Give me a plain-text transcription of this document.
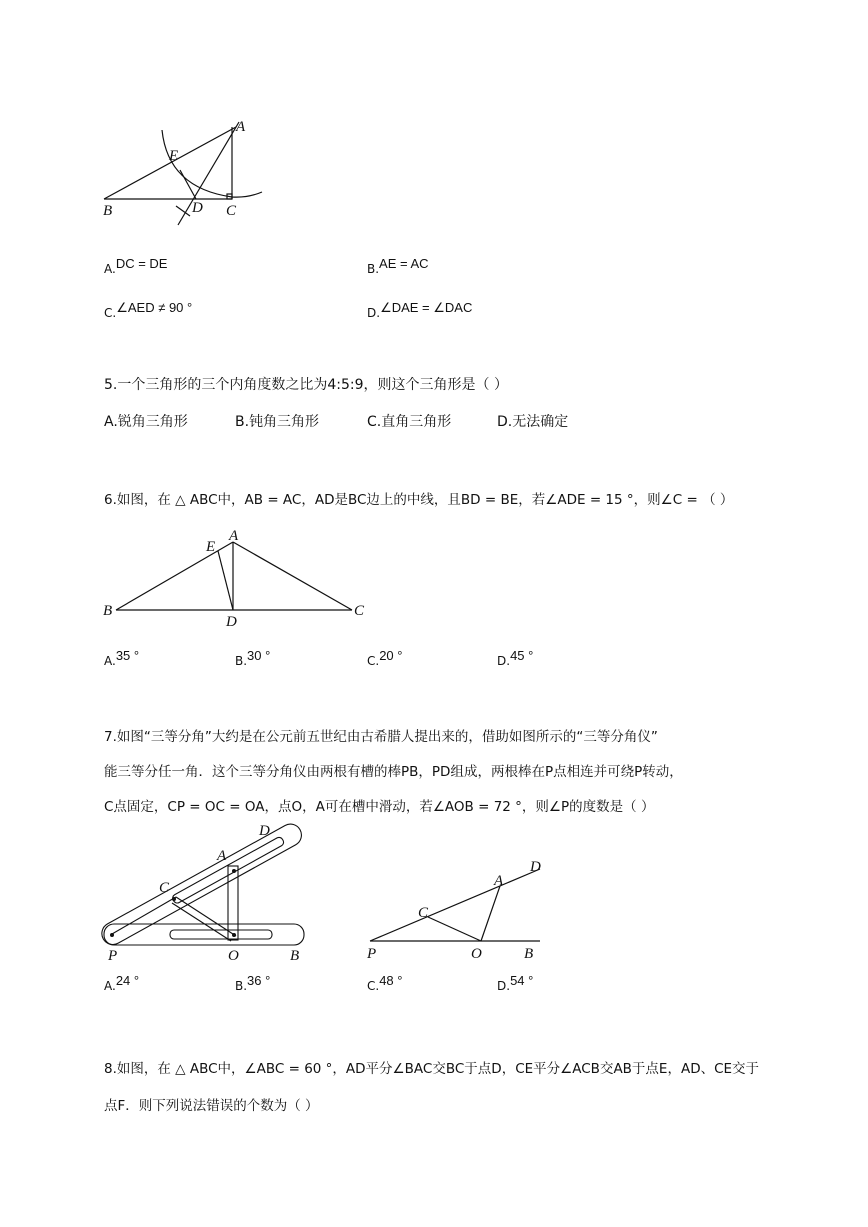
A
E
B	D C
A.DC = DE	B.AE = AC
C.∠AED ≠ 90 °	D.∠DAE = ∠DAC
5.一个三角形的三个内角度数之比为4:5:9，则这个三角形是（ ）
A.锐角三角形	B.钝角三角形	C.直角三角形	D.无法确定
6.如图，在 △ ABC中，AB = AC，AD是BC边上的中线，且BD = BE，若∠ADE = 15 °，则∠C = （ ）
E
A
B
D
C
A.35 °	B.30 °	C.20 °	D.45 °
7.如图“三等分角”大约是在公元前五世纪由古希腊人提出来的，借助如图所示的“三等分角仪”
能三等分任一角．这个三等分角仪由两根有槽的棒PB，PD组成，两根棒在P点相连并可绕P转动，
C点固定，CP = OC = OA，点O，A可在槽中滑动，若∠AOB = 72 °，则∠P的度数是（ ）
D
A
C
P	O	B
D
A
C
P	O	B
A.24 °	B.36 °	C.48 °	D.54 °
8.如图，在 △ ABC中，∠ABC = 60 °，AD平分∠BAC交BC于点D，CE平分∠ACB交AB于点E，AD、CE交于
点F．则下列说法错误的个数为（ ）
